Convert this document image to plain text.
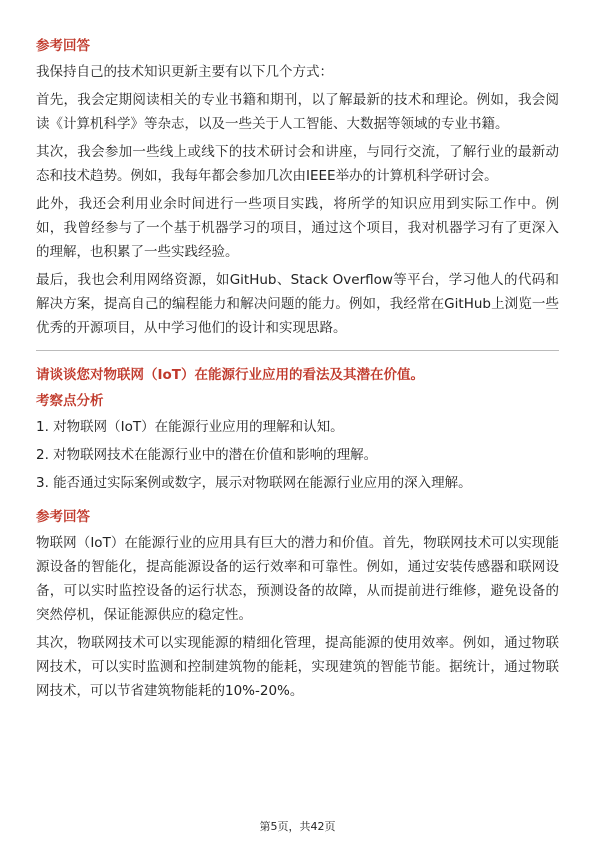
参考回答
我保持自己的技术知识更新主要有以下几个方式：
首先，我会定期阅读相关的专业书籍和期刊，以了解最新的技术和理论。例如，我会阅读《计算机科学》等杂志，以及一些关于人工智能、大数据等领域的专业书籍。
其次，我会参加一些线上或线下的技术研讨会和讲座，与同行交流，了解行业的最新动态和技术趋势。例如，我每年都会参加几次由IEEE举办的计算机科学研讨会。
此外，我还会利用业余时间进行一些项目实践，将所学的知识应用到实际工作中。例如，我曾经参与了一个基于机器学习的项目，通过这个项目，我对机器学习有了更深入的理解，也积累了一些实践经验。
最后，我也会利用网络资源，如GitHub、Stack Overflow等平台，学习他人的代码和解决方案，提高自己的编程能力和解决问题的能力。例如，我经常在GitHub上浏览一些优秀的开源项目，从中学习他们的设计和实现思路。
请谈谈您对物联网（IoT）在能源行业应用的看法及其潜在价值。
考察点分析
1. 对物联网（IoT）在能源行业应用的理解和认知。
2. 对物联网技术在能源行业中的潜在价值和影响的理解。
3. 能否通过实际案例或数字，展示对物联网在能源行业应用的深入理解。
参考回答
物联网（IoT）在能源行业的应用具有巨大的潜力和价值。首先，物联网技术可以实现能源设备的智能化，提高能源设备的运行效率和可靠性。例如，通过安装传感器和联网设备，可以实时监控设备的运行状态，预测设备的故障，从而提前进行维修，避免设备的突然停机，保证能源供应的稳定性。
其次，物联网技术可以实现能源的精细化管理，提高能源的使用效率。例如，通过物联网技术，可以实时监测和控制建筑物的能耗，实现建筑的智能节能。据统计，通过物联网技术，可以节省建筑物能耗的10%-20%。
第5页，共42页
